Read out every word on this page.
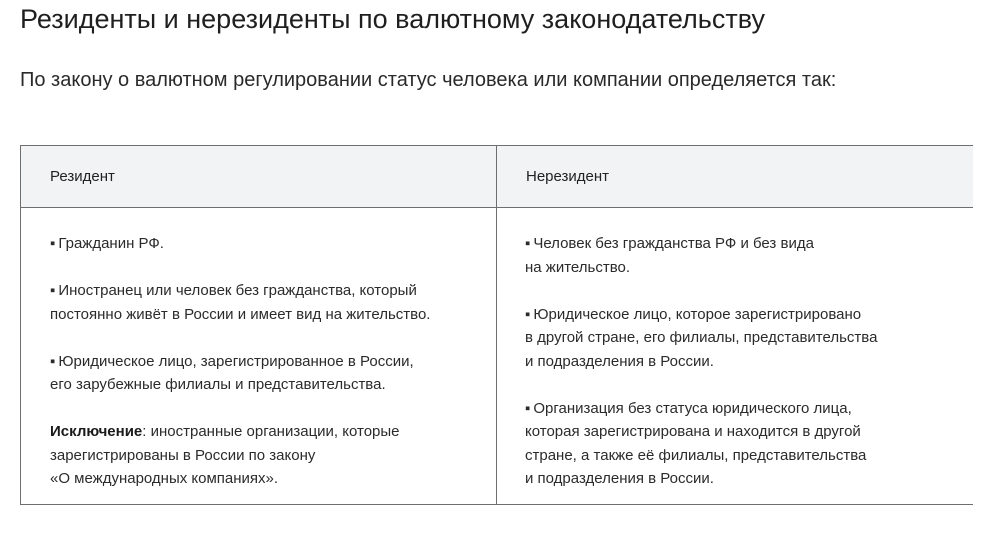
Резиденты и нерезиденты по валютному законодательству

По закону о валютном регулировании статус человека или компании определяется так:

Резидент	Нерезидент

▪ Гражданин РФ.

▪ Иностранец или человек без гражданства, который
постоянно живёт в России и имеет вид на жительство.

▪ Юридическое лицо, зарегистрированное в России,
его зарубежные филиалы и представительства.

Исключение: иностранные организации, которые
зарегистрированы в России по закону
«О международных компаниях».

▪ Человек без гражданства РФ и без вида
на жительство.

▪ Юридическое лицо, которое зарегистрировано
в другой стране, его филиалы, представительства
и подразделения в России.

▪ Организация без статуса юридического лица,
которая зарегистрирована и находится в другой
стране, а также её филиалы, представительства
и подразделения в России.
